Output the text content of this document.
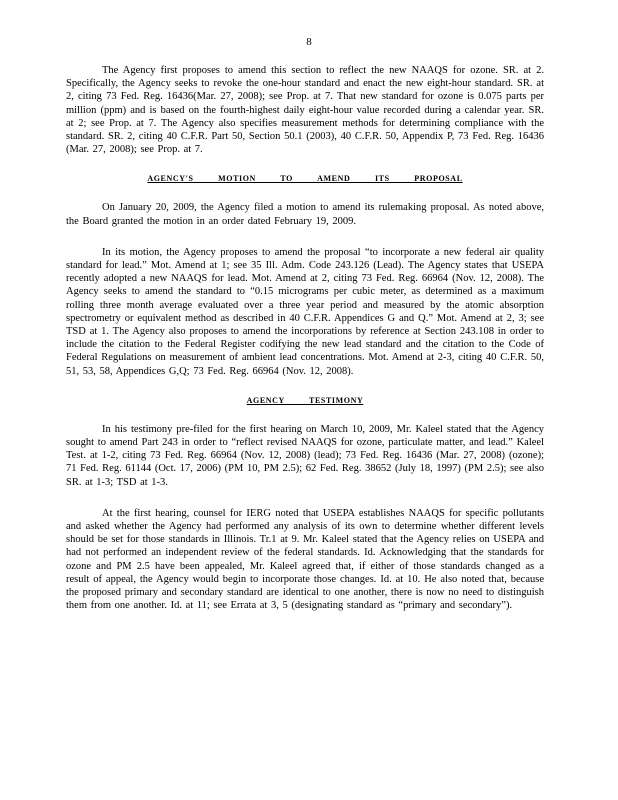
8

The Agency first proposes to amend this section to reflect the new NAAQS for ozone. SR. at 2. Specifically, the Agency seeks to revoke the one-hour standard and enact the new eight-hour standard. SR. at 2, citing 73 Fed. Reg. 16436(Mar. 27, 2008); see Prop. at 7. That new standard for ozone is 0.075 parts per million (ppm) and is based on the fourth-highest daily eight-hour value recorded during a calendar year. SR. at 2; see Prop. at 7. The Agency also specifies measurement methods for determining compliance with the standard. SR. 2, citing 40 C.F.R. Part 50, Section 50.1 (2003), 40 C.F.R. 50, Appendix P, 73 Fed. Reg. 16436 (Mar. 27, 2008); see Prop. at 7.

AGENCY'S MOTION TO AMEND ITS PROPOSAL

On January 20, 2009, the Agency filed a motion to amend its rulemaking proposal. As noted above, the Board granted the motion in an order dated February 19, 2009.

In its motion, the Agency proposes to amend the proposal “to incorporate a new federal air quality standard for lead.” Mot. Amend at 1; see 35 Ill. Adm. Code 243.126 (Lead). The Agency states that USEPA recently adopted a new NAAQS for lead. Mot. Amend at 2, citing 73 Fed. Reg. 66964 (Nov. 12, 2008). The Agency seeks to amend the standard to “0.15 micrograms per cubic meter, as determined as a maximum rolling three month average evaluated over a three year period and measured by the atomic absorption spectrometry or equivalent method as described in 40 C.F.R. Appendices G and Q.” Mot. Amend at 2, 3; see TSD at 1. The Agency also proposes to amend the incorporations by reference at Section 243.108 in order to include the citation to the Federal Register codifying the new lead standard and the citation to the Code of Federal Regulations on measurement of ambient lead concentrations. Mot. Amend at 2-3, citing 40 C.F.R. 50, 51, 53, 58, Appendices G,Q; 73 Fed. Reg. 66964 (Nov. 12, 2008).

AGENCY TESTIMONY

In his testimony pre-filed for the first hearing on March 10, 2009, Mr. Kaleel stated that the Agency sought to amend Part 243 in order to “reflect revised NAAQS for ozone, particulate matter, and lead.” Kaleel Test. at 1-2, citing 73 Fed. Reg. 66964 (Nov. 12, 2008) (lead); 73 Fed. Reg. 16436 (Mar. 27, 2008) (ozone); 71 Fed. Reg. 61144 (Oct. 17, 2006) (PM 10, PM 2.5); 62 Fed. Reg. 38652 (July 18, 1997) (PM 2.5); see also SR. at 1-3; TSD at 1-3.

At the first hearing, counsel for IERG noted that USEPA establishes NAAQS for specific pollutants and asked whether the Agency had performed any analysis of its own to determine whether different levels should be set for those standards in Illinois. Tr.1 at 9. Mr. Kaleel stated that the Agency relies on USEPA and had not performed an independent review of the federal standards. Id. Acknowledging that the standards for ozone and PM 2.5 have been appealed, Mr. Kaleel agreed that, if either of those standards changed as a result of appeal, the Agency would begin to incorporate those changes. Id. at 10. He also noted that, because the proposed primary and secondary standard are identical to one another, there is now no need to distinguish them from one another. Id. at 11; see Errata at 3, 5 (designating standard as “primary and secondary”).
